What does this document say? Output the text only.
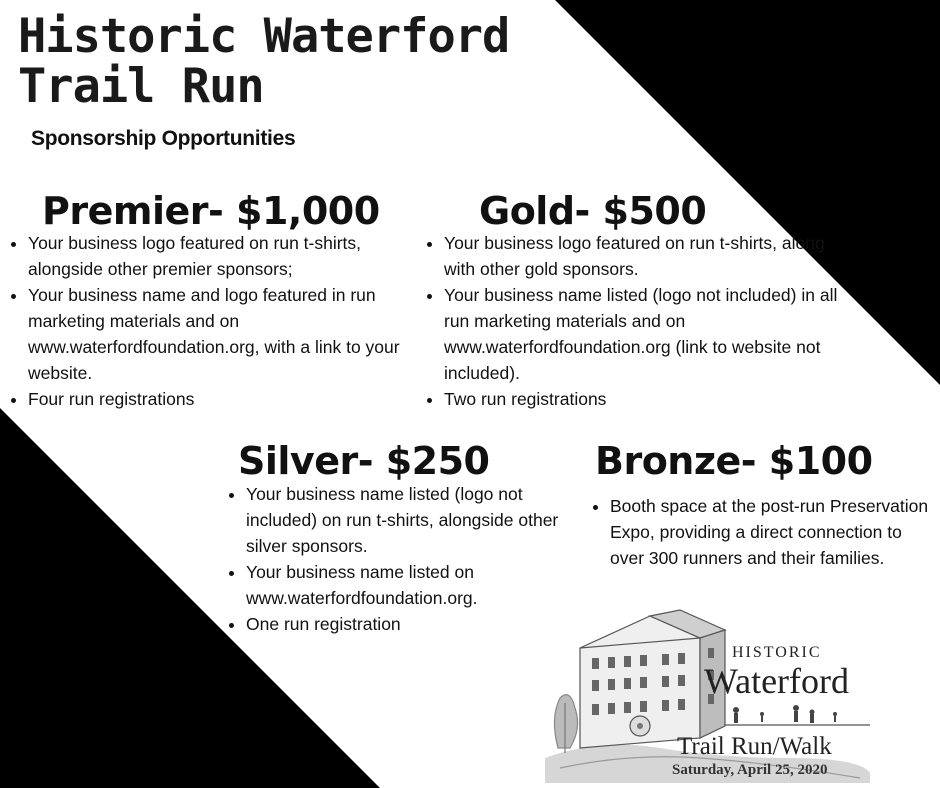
Historic Waterford
Trail Run
Sponsorship Opportunities
Premier- $1,000
• Your business logo featured on run t-shirts, alongside other premier sponsors;
• Your business name and logo featured in run marketing materials and on www.waterfordfoundation.org, with a link to your website.
• Four run registrations
Gold- $500
• Your business logo featured on run t-shirts, along with other gold sponsors.
• Your business name listed (logo not included) in all run marketing materials and on www.waterfordfoundation.org (link to website not included).
• Two run registrations
Silver- $250
• Your business name listed (logo not included) on run t-shirts, alongside other silver sponsors.
• Your business name listed on www.waterfordfoundation.org.
• One run registration
Bronze- $100
• Booth space at the post-run Preservation Expo, providing a direct connection to over 300 runners and their families.
HISTORIC
Waterford
Trail Run/Walk
Saturday, April 25, 2020
